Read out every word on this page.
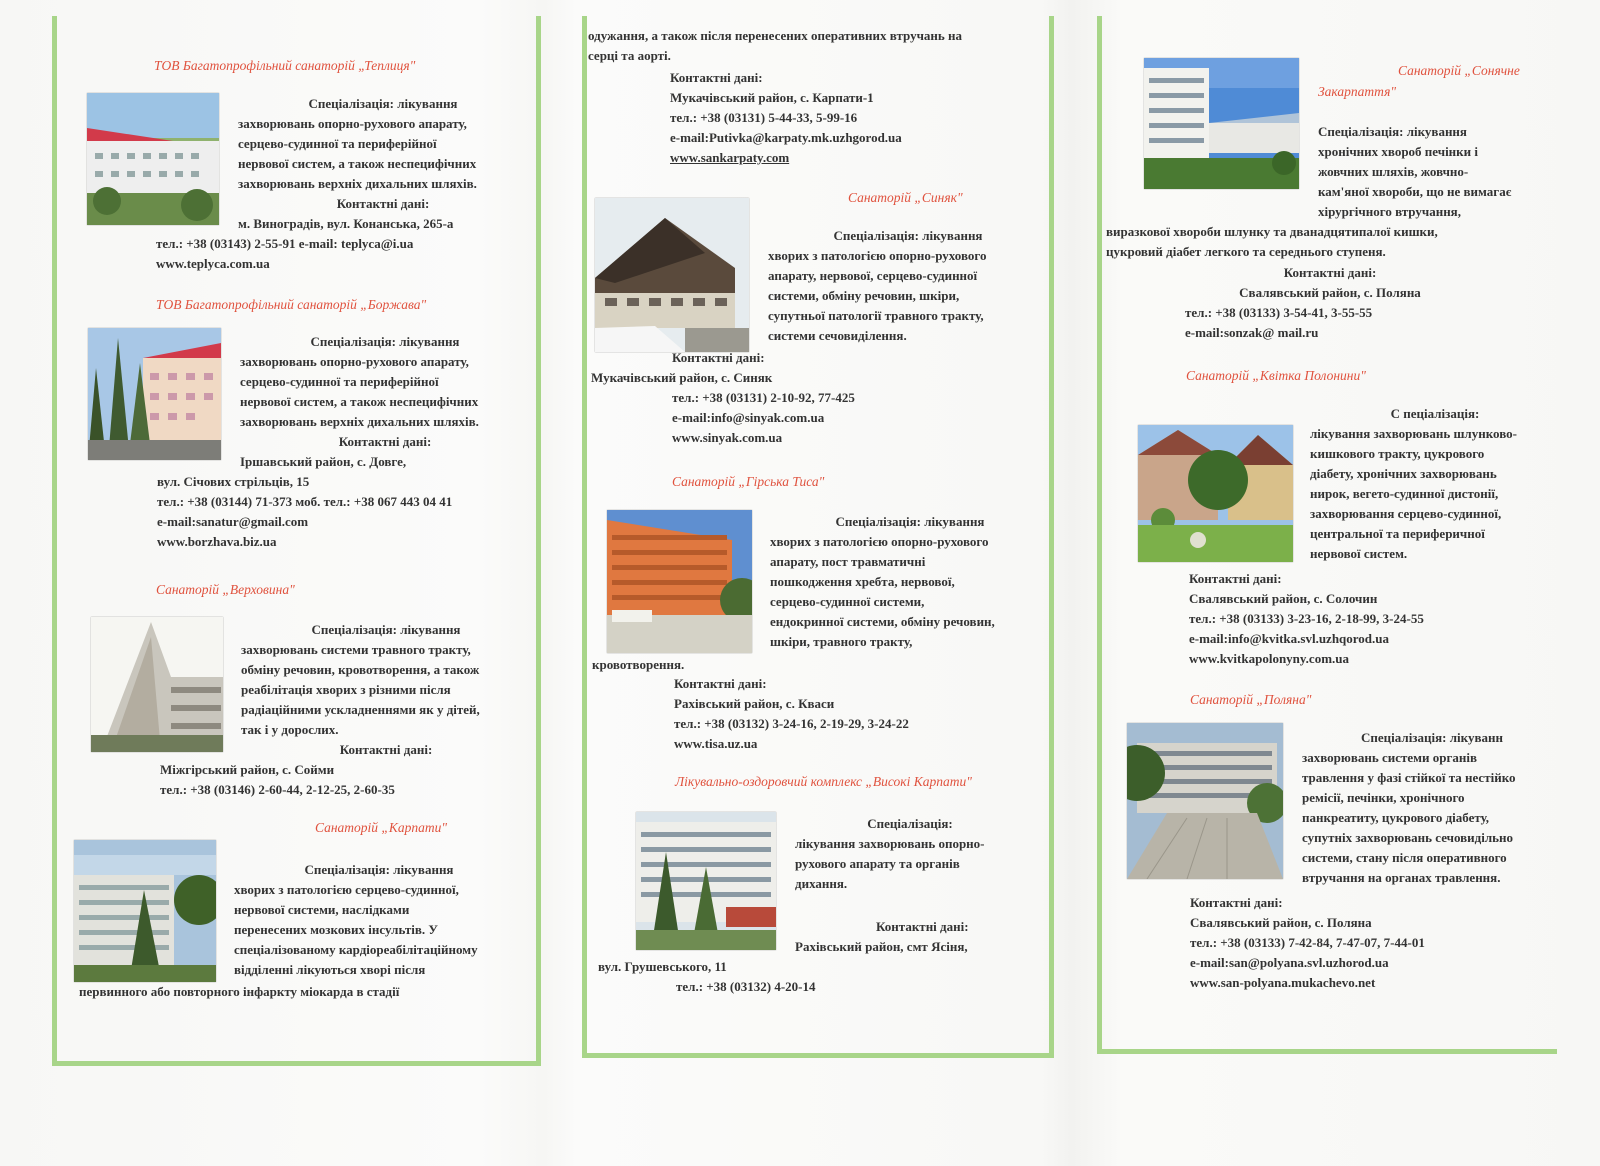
ТОВ Багатопрофільний санаторій „Теплиця"
Спеціалізація: лікування
захворювань опорно-рухового апарату,
серцево-судинної та периферійної
нервової систем, а також неспецифічних
захворювань верхніх дихальних шляхів.
Контактні дані:
м. Виноградів, вул. Конанська, 265-а
тел.: +38 (03143) 2-55-91 e-mail: teplyca@i.ua
www.teplyca.com.ua
ТОВ Багатопрофільний санаторій „Боржава"
Спеціалізація: лікування
захворювань опорно-рухового апарату,
серцево-судинної та периферійної
нервової систем, а також неспецифічних
захворювань верхніх дихальних шляхів.
Контактні дані:
Іршавський район, с. Довге,
вул. Січових стрільців, 15
тел.: +38 (03144) 71-373 моб. тел.: +38 067 443 04 41
e-mail:sanatur@gmail.com
www.borzhava.biz.ua
Санаторій „Верховина"
Спеціалізація: лікування
захворювань системи травного тракту,
обміну речовин, кровотворення, а також
реабілітація хворих з різними після
радіаційними ускладненнями як у дітей,
так і у дорослих.
Контактні дані:
Міжгірський район, с. Сойми
тел.: +38 (03146) 2-60-44, 2-12-25, 2-60-35
Санаторій „Карпати"
Спеціалізація: лікування
хворих з патологією серцево-судинної,
нервової системи, наслідками
перенесених мозкових інсультів. У
спеціалізованому кардіореабілітаційному
відділенні лікуються хворі після
первинного або повторного інфаркту міокарда в стадії
одужання, а також після перенесених оперативних втручань на
серці та аорті.
Контактні дані:
Мукачівський район, с. Карпати-1
тел.: +38 (03131) 5-44-33, 5-99-16
e-mail:Putivka@karpaty.mk.uzhgorod.ua
www.sankarpaty.com
Санаторій „Синяк"
Спеціалізація: лікування
хворих з патологією опорно-рухового
апарату, нервової, серцево-судинної
системи, обміну речовин, шкіри,
супутньої патології травного тракту,
системи сечовиділення.
Контактні дані:
Мукачівський район, с. Синяк
тел.: +38 (03131) 2-10-92, 77-425
e-mail:info@sinyak.com.ua
www.sinyak.com.ua
Санаторій „Гірська Тиса"
Спеціалізація: лікування
хворих з патологією опорно-рухового
апарату, пост травматичні
пошкодження хребта, нервової,
серцево-судинної системи,
ендокринної системи, обміну речовин,
шкіри, травного тракту,
кровотворення.
Контактні дані:
Рахівський район, с. Кваси
тел.: +38 (03132) 3-24-16, 2-19-29, 3-24-22
www.tisa.uz.ua
Лікувально-оздоровчий комплекс „Високі Карпати"
Спеціалізація:
лікування захворювань опорно-
рухового апарату та органів
дихання.
Контактні дані:
Рахівський район, смт Ясіня,
вул. Грушевського, 11
тел.: +38 (03132) 4-20-14
Санаторій „Сонячне
Закарпаття"
Спеціалізація: лікування
хронічних хвороб печінки і
жовчних шляхів, жовчно-
кам'яної хвороби, що не вимагає
хірургічного втручання,
виразкової хвороби шлунку та дванадцятипалої кишки,
цукровий діабет легкого та середнього ступеня.
Контактні дані:
Свалявський район, с. Поляна
тел.: +38 (03133) 3-54-41, 3-55-55
e-mail:sonzak@ mail.ru
Санаторій „Квітка Полонини"
С пеціалізація:
лікування захворювань шлунково-
кишкового тракту, цукрового
діабету, хронічних захворювань
нирок, вегето-судинної дистонії,
захворювання серцево-судинної,
центральної та периферичної
нервової систем.
Контактні дані:
Свалявський район, с. Солочин
тел.: +38 (03133) 3-23-16, 2-18-99, 3-24-55
e-mail:info@kvitka.svl.uzhqorod.ua
www.kvitkapolonyny.com.ua
Санаторій „Поляна"
Спеціалізація: лікуванн
захворювань системи органів
травлення у фазі стійкої та нестійко
ремісії, печінки, хронічного
панкреатиту, цукрового діабету,
супутніх захворювань сечовидільно
системи, стану після оперативного
втручання на органах травлення.
Контактні дані:
Свалявський район, с. Поляна
тел.: +38 (03133) 7-42-84, 7-47-07, 7-44-01
e-mail:san@polyana.svl.uzhorod.ua
www.san-polyana.mukachevo.net
